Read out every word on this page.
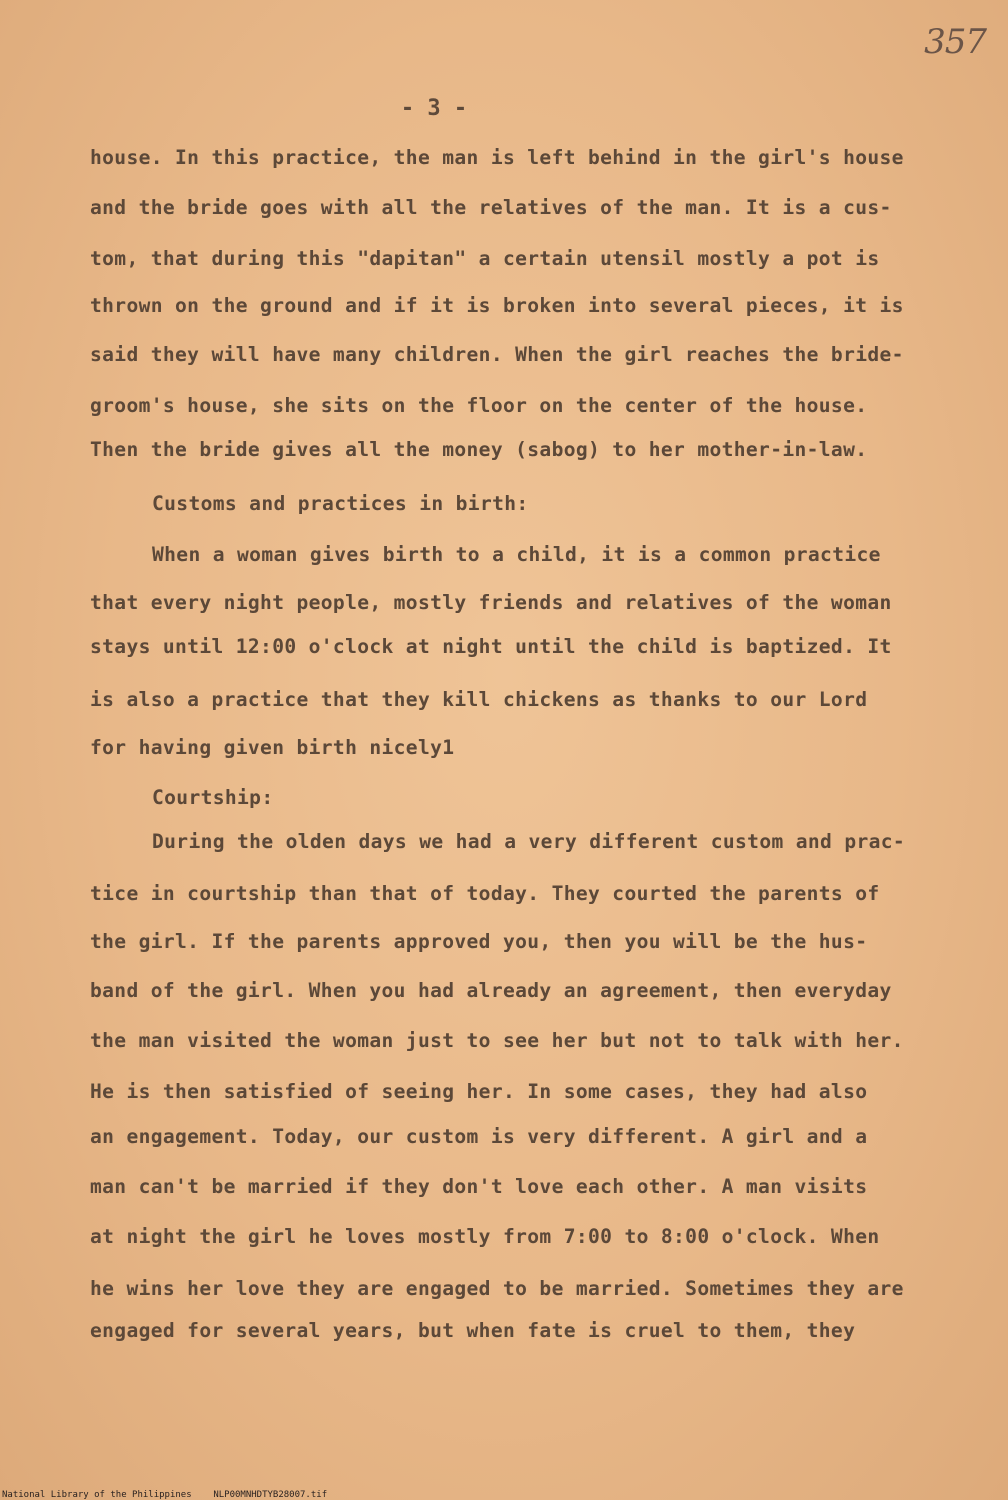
357
- 3 -
house. In this practice, the man is left behind in the girl's house
and the bride goes with all the relatives of the man. It is a cus-
tom, that during this "dapitan" a certain utensil mostly a pot is
thrown on the ground and if it is broken into several pieces, it is
said they will have many children. When the girl reaches the bride-
groom's house, she sits on the floor on the center of the house.
Then the bride gives all the money (sabog) to her mother-in-law.
Customs and practices in birth:
When a woman gives birth to a child, it is a common practice
that every night people, mostly friends and relatives of the woman
stays until 12:00 o'clock at night until the child is baptized. It
is also a practice that they kill chickens as thanks to our Lord
for having given birth nicely1
Courtship:
During the olden days we had a very different custom and prac-
tice in courtship than that of today. They courted the parents of
the girl. If the parents approved you, then you will be the hus-
band of the girl. When you had already an agreement, then everyday
the man visited the woman just to see her but not to talk with her.
He is then satisfied of seeing her. In some cases, they had also
an engagement. Today, our custom is very different. A girl and a
man can't be married if they don't love each other. A man visits
at night the girl he loves mostly from 7:00 to 8:00 o'clock. When
he wins her love they are engaged to be married. Sometimes they are
engaged for several years, but when fate is cruel to them, they
National Library of the Philippines    NLP00MNHDTYB28007.tif
